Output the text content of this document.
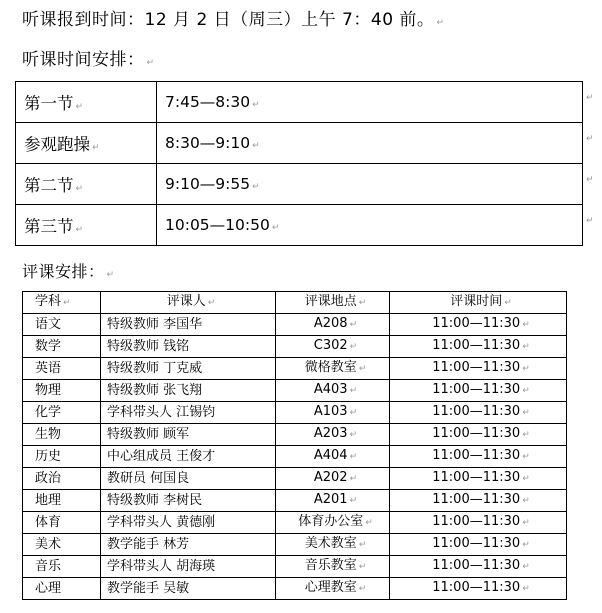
听课报到时间：12 月 2 日（周三）上午 7：40 前。 ↵
听课时间安排： ↵
第一节 ↵	7:45—8:30 ↵
参观跑操 ↵	8:30—9:10 ↵
第二节 ↵	9:10—9:55 ↵
第三节 ↵	10:05—10:50 ↵
↵
↵
↵
↵
评课安排： ↵
学科 ↵	评课人 ↵	评课地点 ↵	评课时间 ↵
语文	特级教师 李国华	A208 ↵	11:00—11:30 ↵
数学	特级教师 钱铭	C302 ↵	11:00—11:30 ↵
英语	特级教师 丁克威	微格教室 ↵	11:00—11:30 ↵
物理	特级教师 张飞翔	A403 ↵	11:00—11:30 ↵
化学	学科带头人 江锡钧	A103 ↵	11:00—11:30 ↵
生物	特级教师 顾军	A203 ↵	11:00—11:30 ↵
历史	中心组成员 王俊才	A404 ↵	11:00—11:30 ↵
政治	教研员 何国良	A202 ↵	11:00—11:30 ↵
地理	特级教师 李树民	A201 ↵	11:00—11:30 ↵
体育	学科带头人 黄德刚	体育办公室 ↵	11:00—11:30 ↵
美术	教学能手 林芳	美术教室 ↵	11:00—11:30 ↵
音乐	学科带头人 胡海瑛	音乐教室 ↵	11:00—11:30 ↵
心理	教学能手 吴敏	心理教室 ↵	11:00—11:30 ↵
